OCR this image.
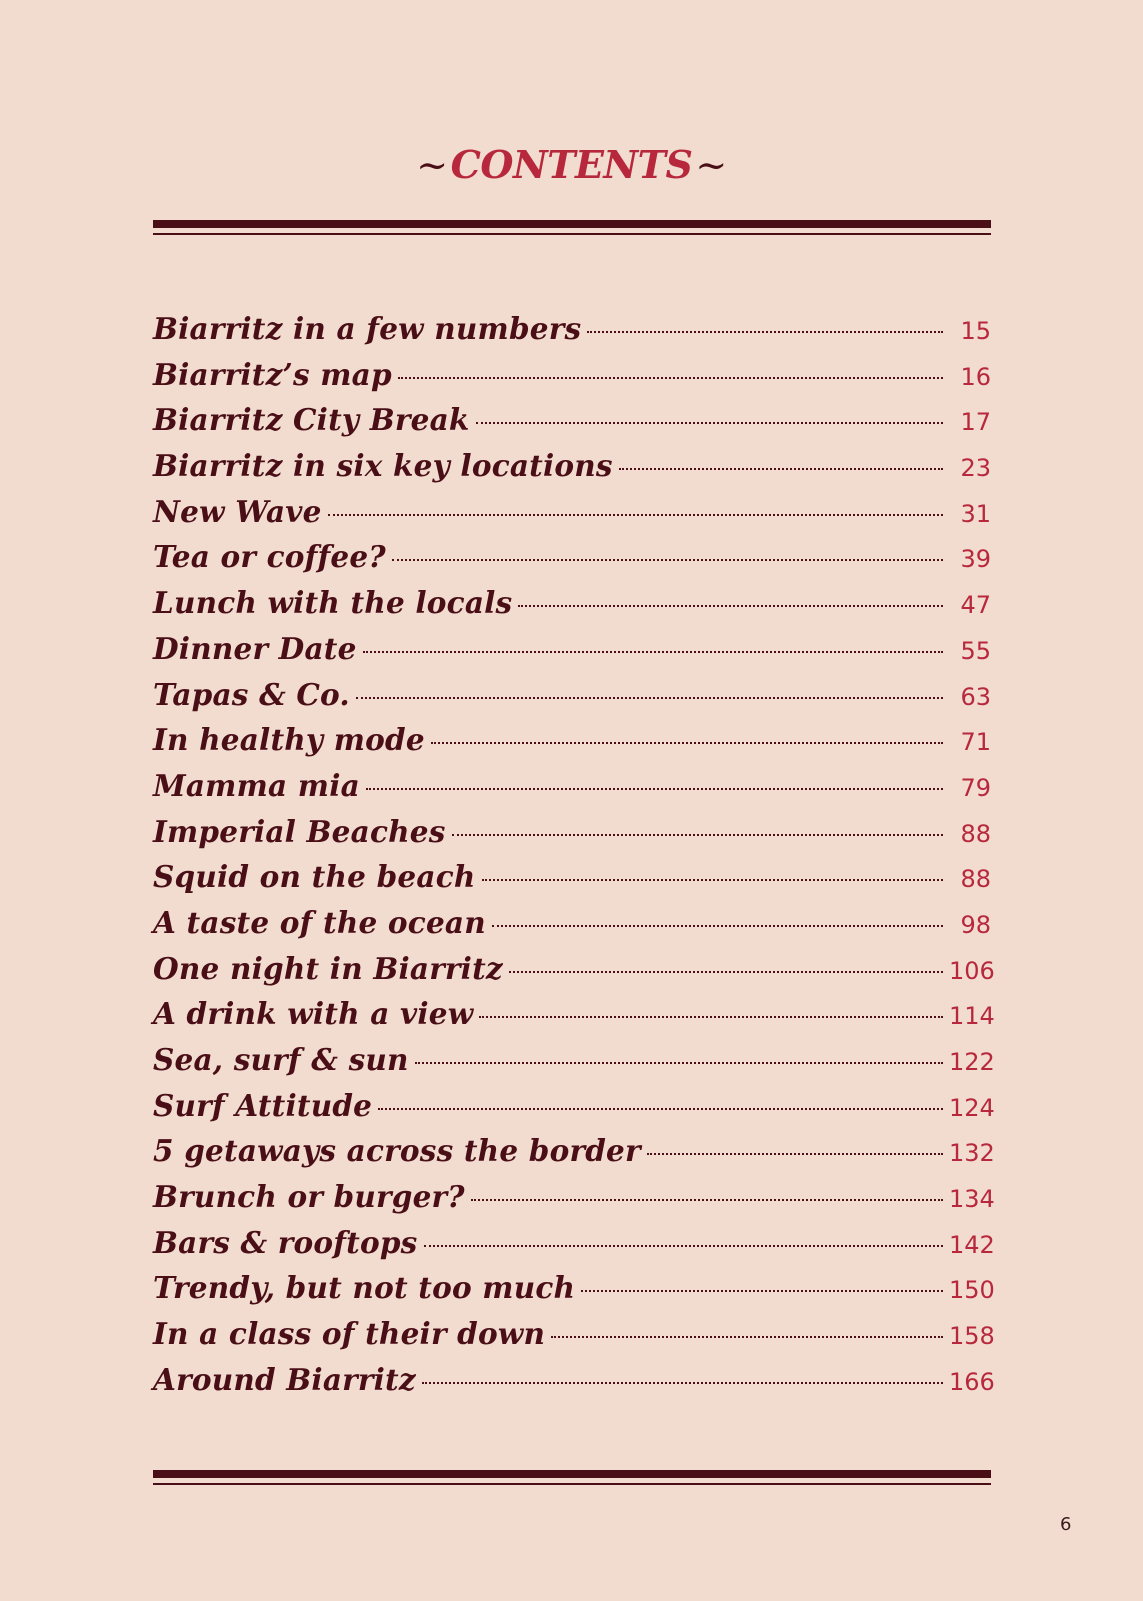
~CONTENTS~
Biarritz in a few numbers	15
Biarritz’s map	16
Biarritz City Break	17
Biarritz in six key locations	23
New Wave	31
Tea or coffee?	39
Lunch with the locals	47
Dinner Date	55
Tapas & Co.	63
In healthy mode	71
Mamma mia	79
Imperial Beaches	88
Squid on the beach	88
A taste of the ocean	98
One night in Biarritz	106
A drink with a view	114
Sea, surf & sun	122
Surf Attitude	124
5 getaways across the border	132
Brunch or burger?	134
Bars & rooftops	142
Trendy, but not too much	150
In a class of their down	158
Around Biarritz	166
6
